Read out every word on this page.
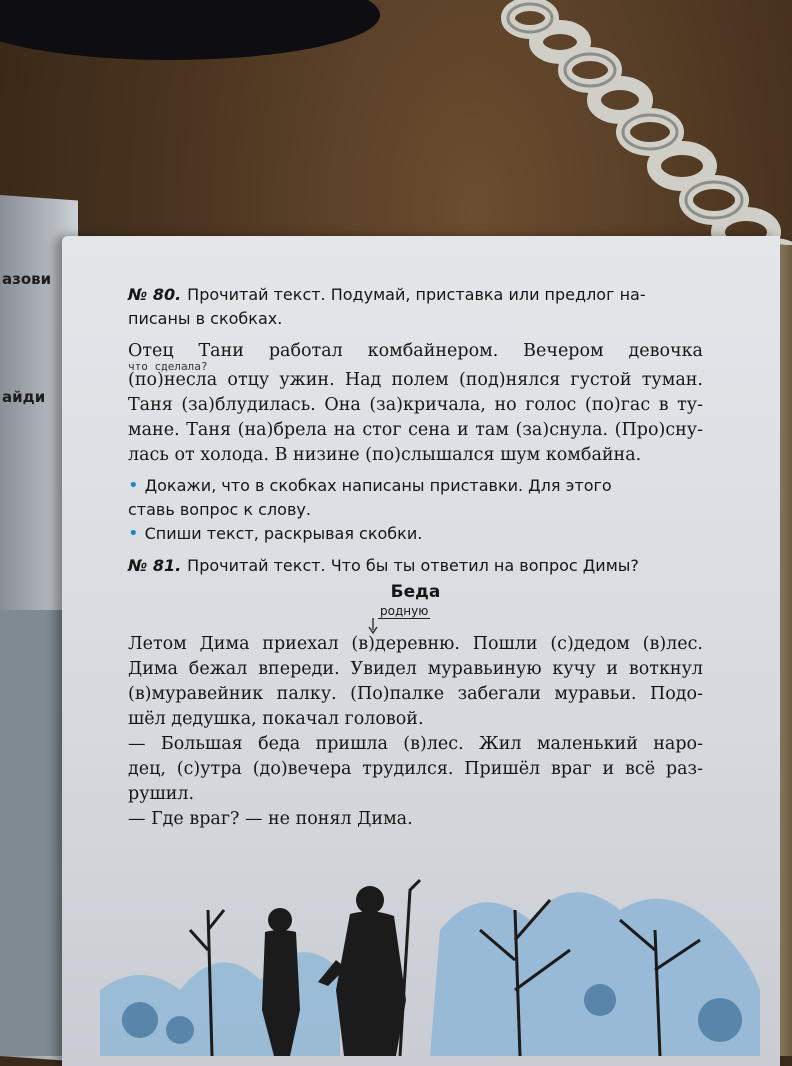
азови
айди

№ 80. Прочитай текст. Подумай, приставка или предлог на-

писаны в скобках.

Отец Тани работал комбайнером. Вечером девочка

что сделала?

(по)несла отцу ужин. Над полем (под)нялся густой туман.

Таня (за)блудилась. Она (за)кричала, но голос (по)гас в ту-

мане. Таня (на)брела на стог сена и там (за)снула. (Про)сну-

лась от холода. В низине (по)слышался шум комбайна.

• Докажи, что в скобках написаны приставки. Для этого

ставь вопрос к слову.

• Спиши текст, раскрывая скобки.

№ 81. Прочитай текст. Что бы ты ответил на вопрос Димы?

Беда

родную

Летом Дима приехал (в)деревню. Пошли (с)дедом (в)лес.

Дима бежал впереди. Увидел муравьиную кучу и воткнул

(в)муравейник палку. (По)палке забегали муравьи. Подо-

шёл дедушка, покачал головой.

— Большая беда пришла (в)лес. Жил маленький наро-

дец, (с)утра (до)вечера трудился. Пришёл враг и всё раз-

рушил.

— Где враг? — не понял Дима.
